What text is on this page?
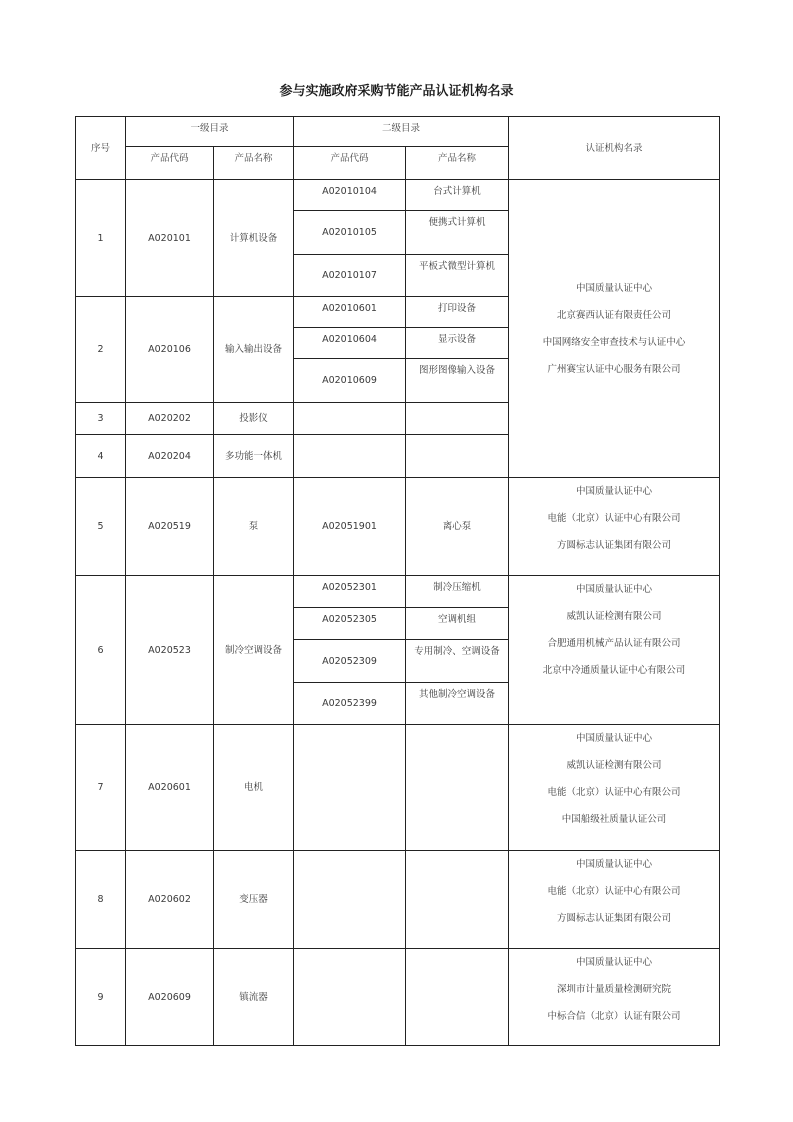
参与实施政府采购节能产品认证机构名录
序号	一级目录		二级目录		认证机构名录
	产品代码	产品名称	产品代码	产品名称	
1	A020101	计算机设备	A02010104	台式计算机	中国质量认证中心
北京赛西认证有限责任公司
中国网络安全审查技术与认证中心
广州赛宝认证中心服务有限公司

			A02010105	便携式计算机	
			A02010107	平板式微型计算机	
2	A020106	输入输出设备	A02010601	打印设备	
			A02010604	显示设备	
			A02010609	图形图像输入设备	
3	A020202	投影仪			
4	A020204	多功能一体机			
5	A020519	泵	A02051901	离心泵	中国质量认证中心
电能（北京）认证中心有限公司
方圆标志认证集团有限公司

6	A020523	制冷空调设备	A02052301	制冷压缩机	中国质量认证中心
威凯认证检测有限公司
合肥通用机械产品认证有限公司
北京中冷通质量认证中心有限公司

			A02052305	空调机组	
			A02052309	专用制冷、空调设备	
			A02052399	其他制冷空调设备	
7	A020601	电机			中国质量认证中心
威凯认证检测有限公司
电能（北京）认证中心有限公司
中国船级社质量认证公司

8	A020602	变压器			中国质量认证中心
电能（北京）认证中心有限公司
方圆标志认证集团有限公司

9	A020609	镇流器			中国质量认证中心
深圳市计量质量检测研究院
中标合信（北京）认证有限公司
